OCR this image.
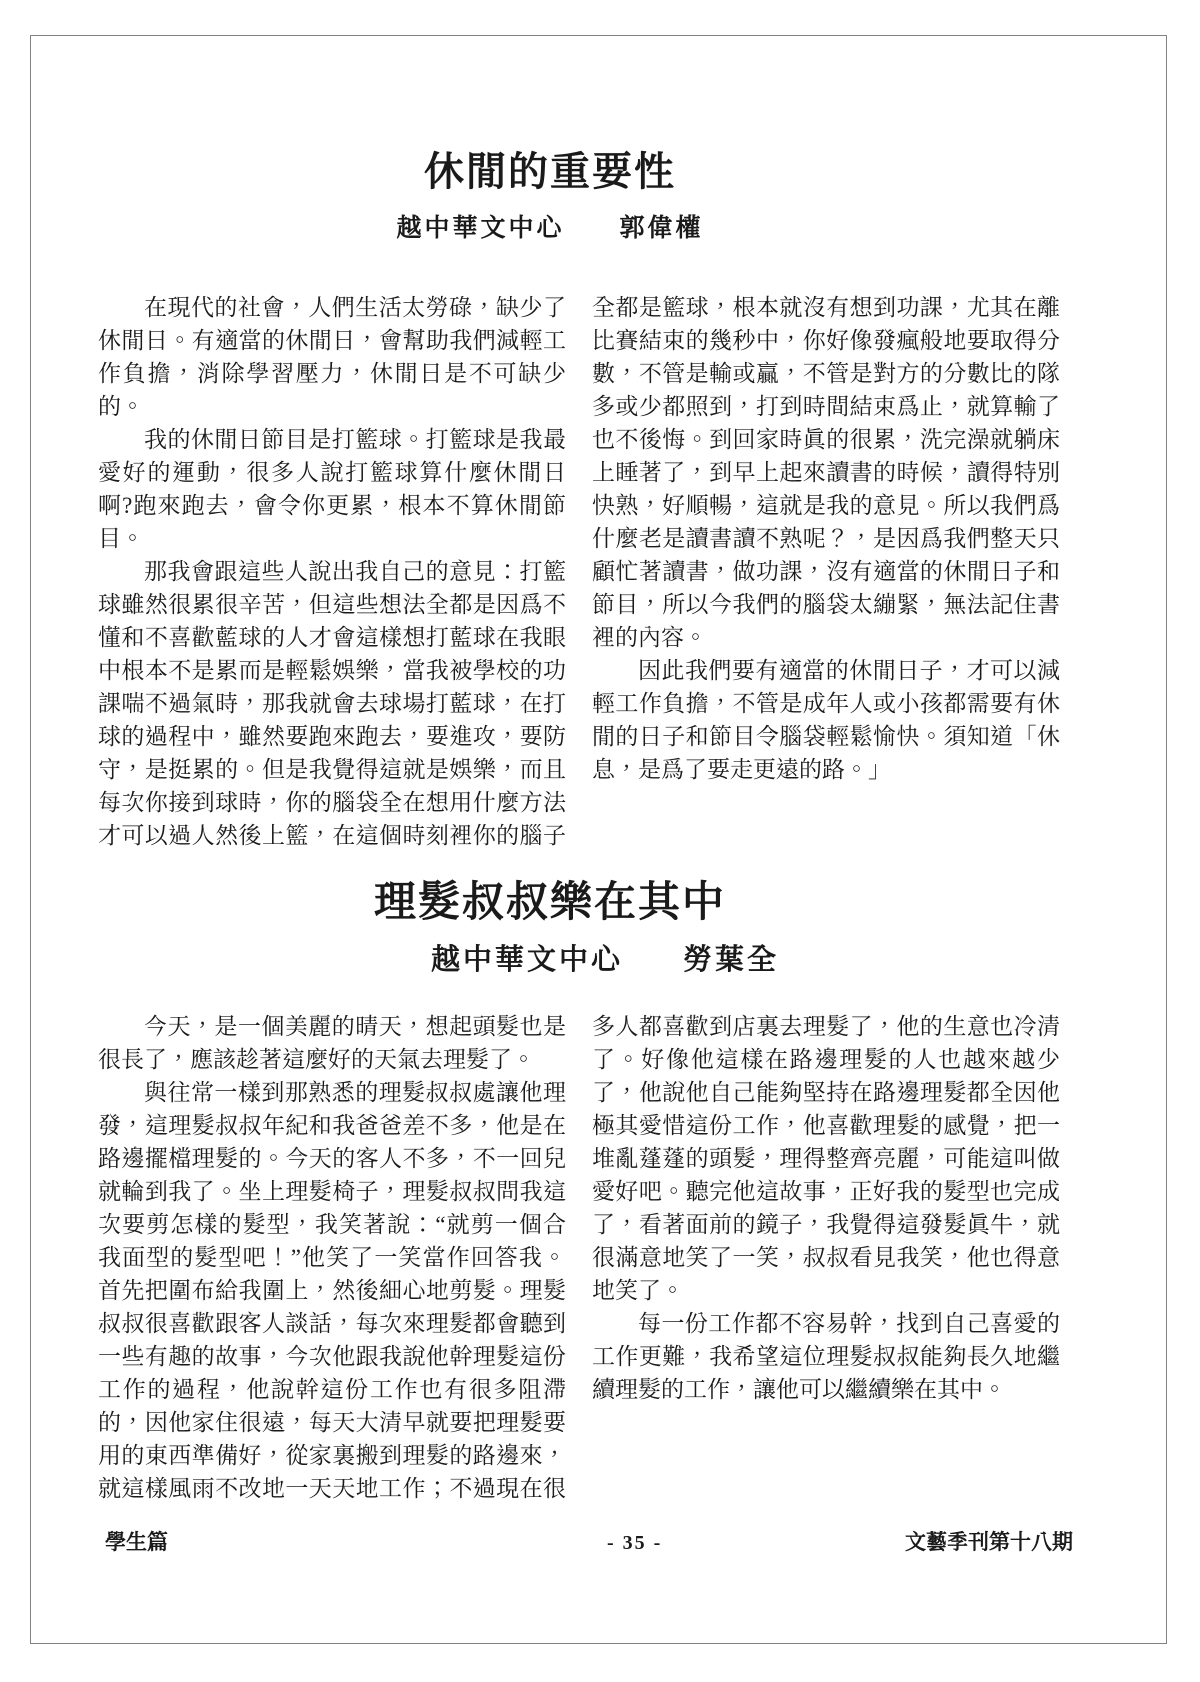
休閒的重要性
越中華文中心 郭偉權

在現代的社會，人們生活太勞碌，缺少了休閒日。有適當的休閒日，會幫助我們減輕工作負擔，消除學習壓力，休閒日是不可缺少的。

我的休閒日節目是打籃球。打籃球是我最愛好的運動，很多人說打籃球算什麼休閒日啊?跑來跑去，會令你更累，根本不算休閒節目。

那我會跟這些人說出我自己的意見：打籃球雖然很累很辛苦，但這些想法全都是因爲不懂和不喜歡藍球的人才會這樣想打藍球在我眼中根本不是累而是輕鬆娛樂，當我被學校的功課喘不過氣時，那我就會去球場打藍球，在打球的過程中，雖然要跑來跑去，要進攻，要防守，是挺累的。但是我覺得這就是娛樂，而且每次你接到球時，你的腦袋全在想用什麼方法才可以過人然後上籃，在這個時刻裡你的腦子全都是籃球，根本就沒有想到功課，尤其在離比賽結束的幾秒中，你好像發瘋般地要取得分數，不管是輸或贏，不管是對方的分數比的隊多或少都照到，打到時間結束爲止，就算輸了也不後悔。到回家時眞的很累，洗完澡就躺床上睡著了，到早上起來讀書的時候，讀得特別快熟，好順暢，這就是我的意見。所以我們爲什麼老是讀書讀不熟呢？，是因爲我們整天只顧忙著讀書，做功課，沒有適當的休閒日子和節目，所以今我們的腦袋太繃緊，無法記住書裡的內容。

因此我們要有適當的休閒日子，才可以減輕工作負擔，不管是成年人或小孩都需要有休閒的日子和節目令腦袋輕鬆愉快。須知道「休息，是爲了要走更遠的路。」

理髮叔叔樂在其中
越中華文中心 勞葉全

今天，是一個美麗的晴天，想起頭髮也是很長了，應該趁著這麼好的天氣去理髮了。

與往常一樣到那熟悉的理髮叔叔處讓他理發，這理髮叔叔年紀和我爸爸差不多，他是在路邊擺檔理髮的。今天的客人不多，不一回兒就輪到我了。坐上理髮椅子，理髮叔叔問我這次要剪怎樣的髮型，我笑著說：“就剪一個合我面型的髮型吧！”他笑了一笑當作回答我。首先把圍布給我圍上，然後細心地剪髮。理髮叔叔很喜歡跟客人談話，每次來理髮都會聽到一些有趣的故事，今次他跟我說他幹理髮這份工作的過程，他說幹這份工作也有很多阻滯的，因他家住很遠，每天大清早就要把理髮要用的東西準備好，從家裏搬到理髮的路邊來，就這樣風雨不改地一天天地工作；不過現在很多人都喜歡到店裏去理髮了，他的生意也冷清了。好像他這樣在路邊理髮的人也越來越少了，他說他自己能夠堅持在路邊理髮都全因他極其愛惜這份工作，他喜歡理髮的感覺，把一堆亂蓬蓬的頭髮，理得整齊亮麗，可能這叫做愛好吧。聽完他這故事，正好我的髮型也完成了，看著面前的鏡子，我覺得這發髮眞牛，就很滿意地笑了一笑，叔叔看見我笑，他也得意地笑了。

每一份工作都不容易幹，找到自己喜愛的工作更難，我希望這位理髮叔叔能夠長久地繼續理髮的工作，讓他可以繼續樂在其中。

學生篇	- 35 -	文藝季刊第十八期
